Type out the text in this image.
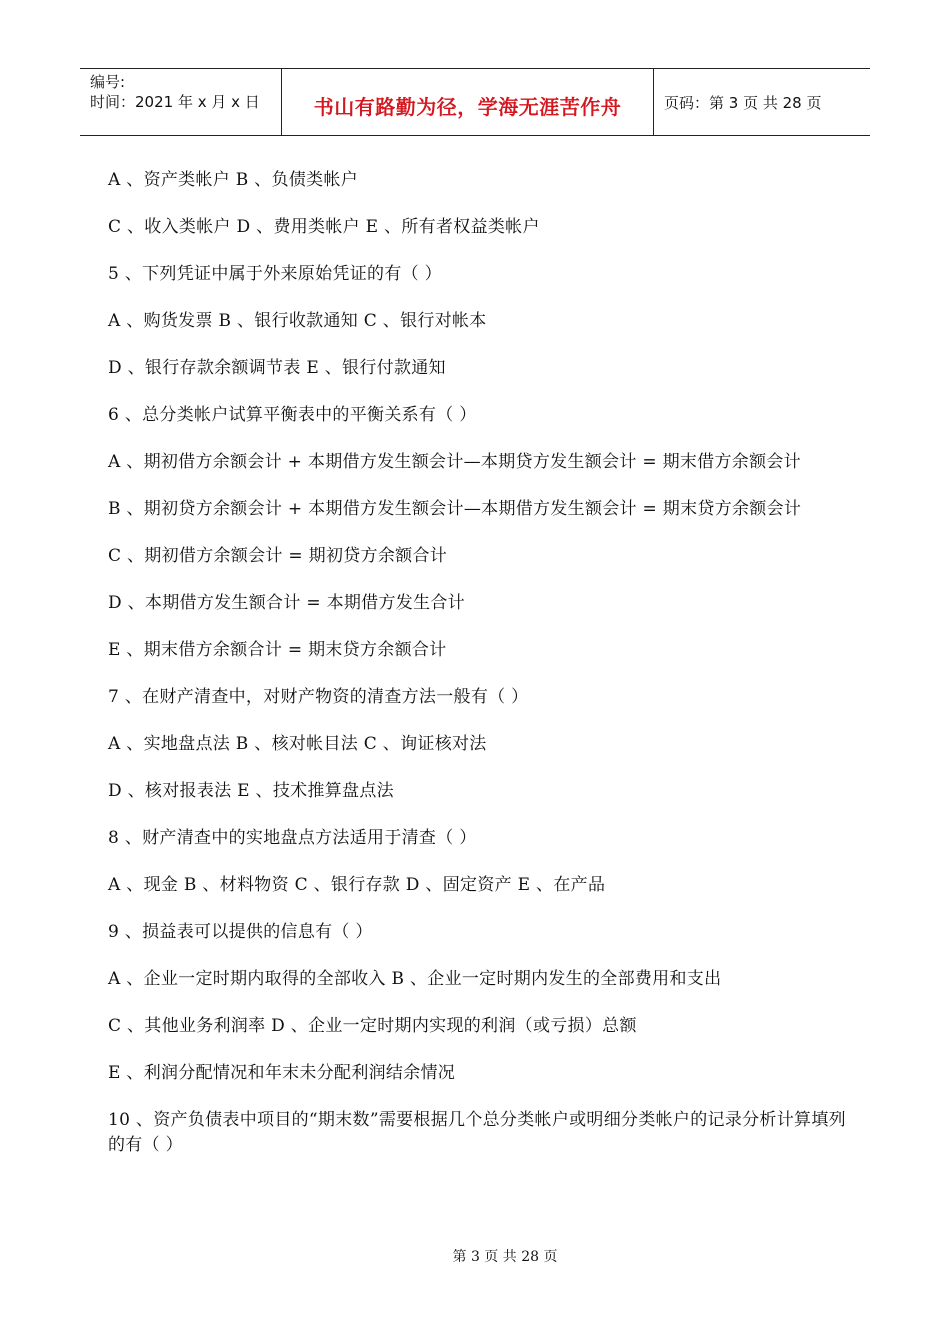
编号:
时间：2021 年 x 月 x 日	书山有路勤为径，学海无涯苦作舟	页码：第 3 页 共 28 页

A 、资产类帐户 B 、负债类帐户

C 、收入类帐户 D 、费用类帐户 E 、所有者权益类帐户

5 、下列凭证中属于外来原始凭证的有（ ）

A 、购货发票 B 、银行收款通知 C 、银行对帐本

D 、银行存款余额调节表 E 、银行付款通知

6 、总分类帐户试算平衡表中的平衡关系有（ ）

A 、期初借方余额会计 + 本期借方发生额会计—本期贷方发生额会计 = 期末借方余额会计

B 、期初贷方余额会计 + 本期借方发生额会计—本期借方发生额会计 = 期末贷方余额会计

C 、期初借方余额会计 = 期初贷方余额合计

D 、本期借方发生额合计 = 本期借方发生合计

E 、期末借方余额合计 = 期末贷方余额合计

7 、在财产清查中，对财产物资的清查方法一般有（ ）

A 、实地盘点法 B 、核对帐目法 C 、询证核对法

D 、核对报表法 E 、技术推算盘点法

8 、财产清查中的实地盘点方法适用于清查（ ）

A 、现金 B 、材料物资 C 、银行存款 D 、固定资产 E 、在产品

9 、损益表可以提供的信息有（ ）

A 、企业一定时期内取得的全部收入 B 、企业一定时期内发生的全部费用和支出

C 、其他业务利润率 D 、企业一定时期内实现的利润（或亏损）总额

E 、利润分配情况和年末未分配利润结余情况

10 、资产负债表中项目的“期末数”需要根据几个总分类帐户或明细分类帐户的记录分析计算填列的有（ ）

第 3 页 共 28 页
